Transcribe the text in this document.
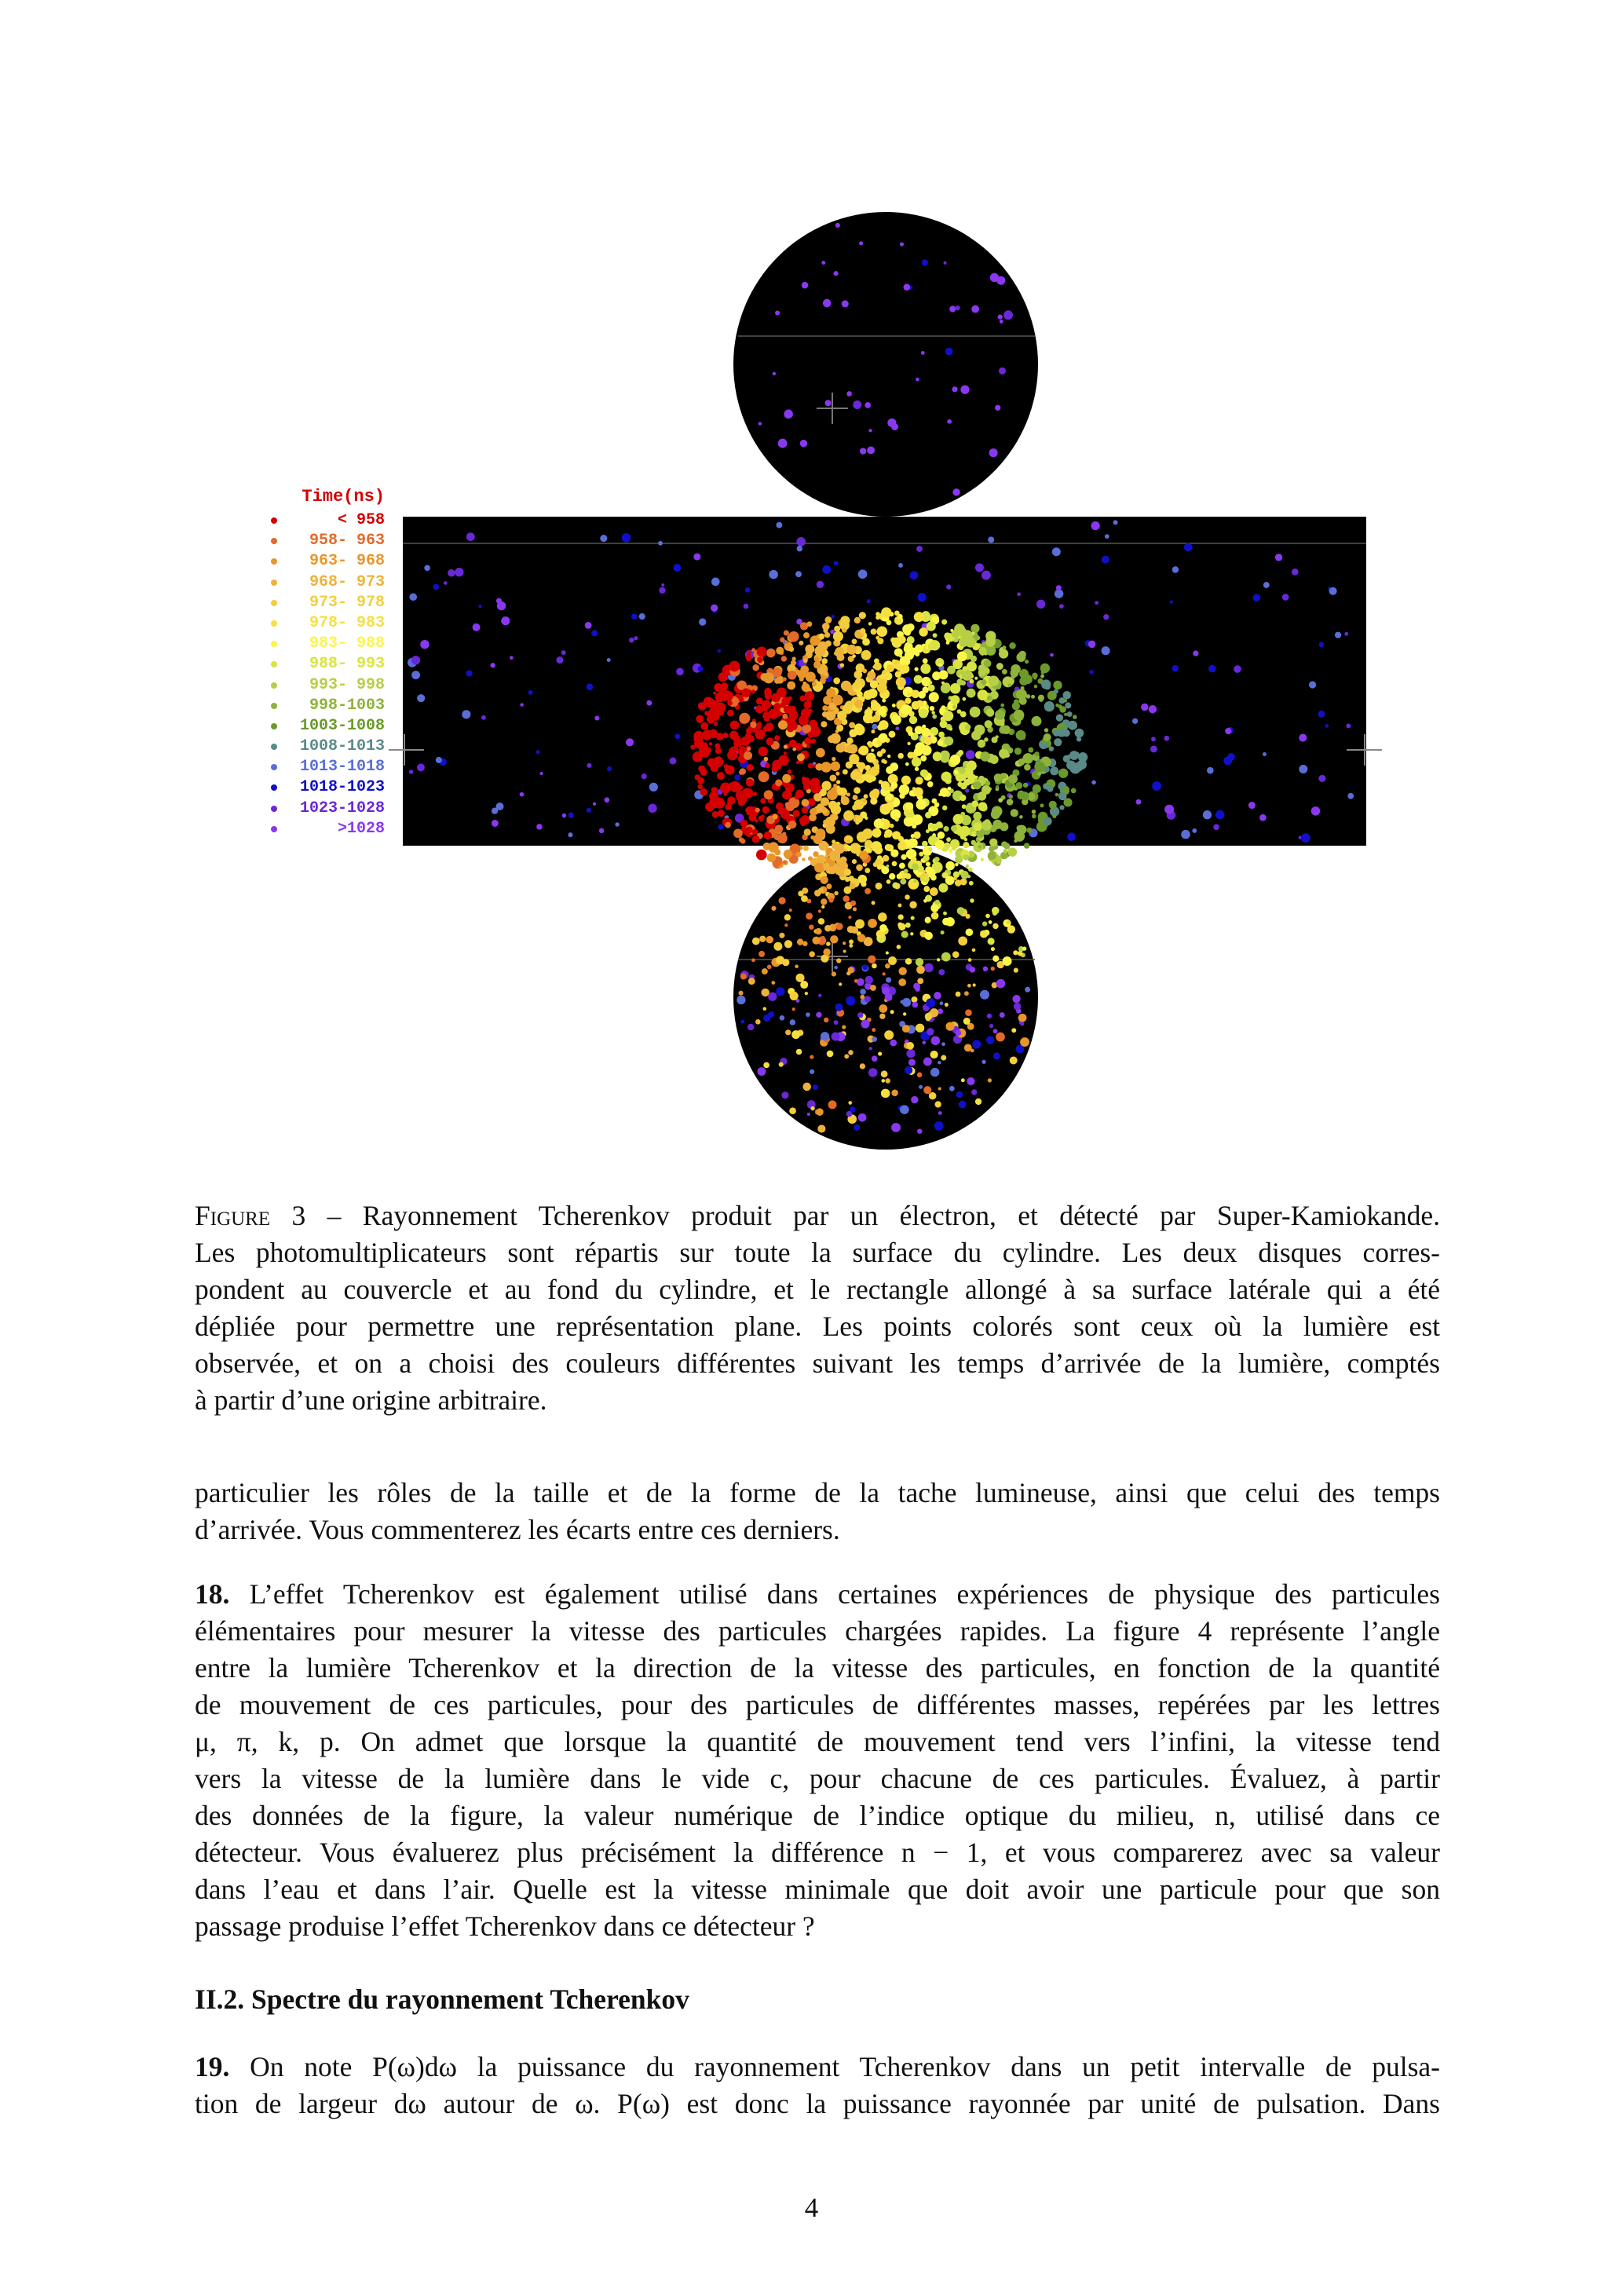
Time(ns)
< 958
958- 963
963- 968
968- 973
973- 978
978- 983
983- 988
988- 993
993- 998
998-1003
1003-1008
1008-1013
1013-1018
1018-1023
1023-1028
>1028
Figure 3 – Rayonnement Tcherenkov produit par un électron, et détecté par Super-Kamiokande.
Les photomultiplicateurs sont répartis sur toute la surface du cylindre. Les deux disques corres-
pondent au couvercle et au fond du cylindre, et le rectangle allongé à sa surface latérale qui a été
dépliée pour permettre une représentation plane. Les points colorés sont ceux où la lumière est
observée, et on a choisi des couleurs différentes suivant les temps d’arrivée de la lumière, comptés
à partir d’une origine arbitraire.
particulier les rôles de la taille et de la forme de la tache lumineuse, ainsi que celui des temps
d’arrivée. Vous commenterez les écarts entre ces derniers.
18. L’effet Tcherenkov est également utilisé dans certaines expériences de physique des particules
élémentaires pour mesurer la vitesse des particules chargées rapides. La figure 4 représente l’angle
entre la lumière Tcherenkov et la direction de la vitesse des particules, en fonction de la quantité
de mouvement de ces particules, pour des particules de différentes masses, repérées par les lettres
μ, π, k, p. On admet que lorsque la quantité de mouvement tend vers l’infini, la vitesse tend
vers la vitesse de la lumière dans le vide c, pour chacune de ces particules. Évaluez, à partir
des données de la figure, la valeur numérique de l’indice optique du milieu, n, utilisé dans ce
détecteur. Vous évaluerez plus précisément la différence n − 1, et vous comparerez avec sa valeur
dans l’eau et dans l’air. Quelle est la vitesse minimale que doit avoir une particule pour que son
passage produise l’effet Tcherenkov dans ce détecteur ?
II.2. Spectre du rayonnement Tcherenkov
19. On note P(ω)dω la puissance du rayonnement Tcherenkov dans un petit intervalle de pulsa-
tion de largeur dω autour de ω. P(ω) est donc la puissance rayonnée par unité de pulsation. Dans
4
